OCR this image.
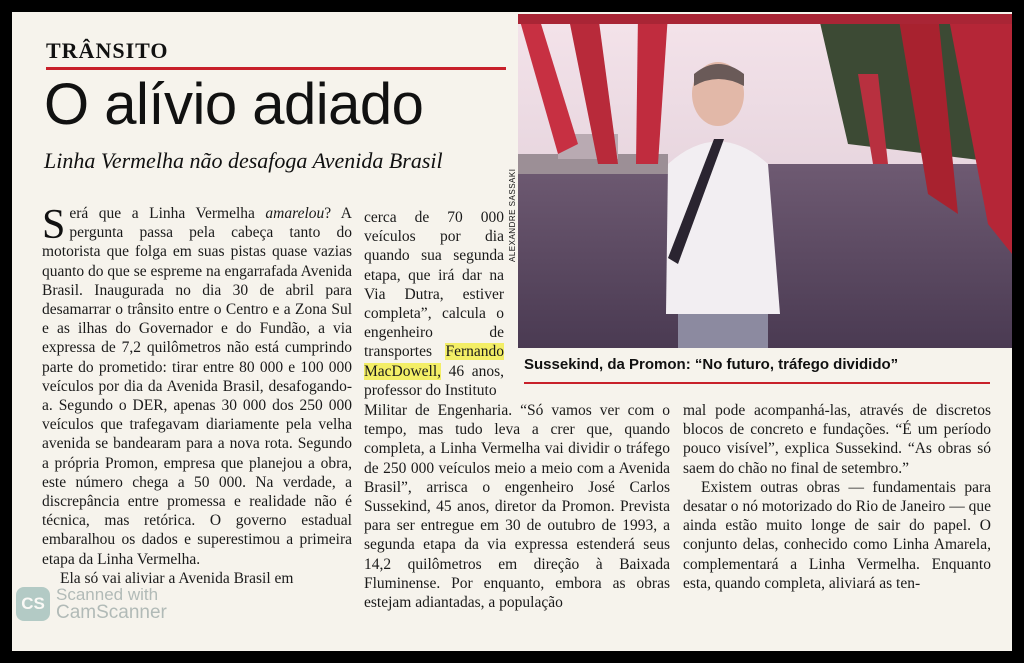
TRÂNSITO
O alívio adiado
Linha Vermelha não desafoga Avenida Brasil

Será que a Linha Vermelha amarelou? A pergunta passa pela cabeça tanto do motorista que folga em suas pistas quase vazias quanto do que se espreme na engarrafada Avenida Brasil. Inaugurada no dia 30 de abril para desamarrar o trânsito entre o Centro e a Zona Sul e as ilhas do Governador e do Fundão, a via expressa de 7,2 quilômetros não está cumprindo parte do prometido: tirar entre 80 000 e 100 000 veículos por dia da Avenida Brasil, desafogando-a. Segundo o DER, apenas 30 000 dos 250 000 veículos que trafegavam diariamente pela velha avenida se bandearam para a nova rota. Segundo a própria Promon, empresa que planejou a obra, este número chega a 50 000. Na verdade, a discrepância entre promessa e realidade não é técnica, mas retórica. O governo estadual embaralhou os dados e superestimou a primeira etapa da Linha Vermelha.

Ela só vai aliviar a Avenida Brasil em

cerca de 70 000 veículos por dia quando sua segunda etapa, que irá dar na Via Dutra, estiver completa”, calcula o engenheiro de transportes Fernando MacDowell, 46 anos, professor do Instituto

Militar de Engenharia. “Só vamos ver com o tempo, mas tudo leva a crer que, quando completa, a Linha Vermelha vai dividir o tráfego de 250 000 veículos meio a meio com a Avenida Brasil”, arrisca o engenheiro José Carlos Sussekind, 45 anos, diretor da Promon. Prevista para ser entregue em 30 de outubro de 1993, a segunda etapa da via expressa estenderá seus 14,2 quilômetros em direção à Baixada Fluminense. Por enquanto, embora as obras estejam adiantadas, a população

mal pode acompanhá-las, através de discretos blocos de concreto e fundações. “É um período pouco visível”, explica Sussekind. “As obras só saem do chão no final de setembro.”

Existem outras obras — fundamentais para desatar o nó motorizado do Rio de Janeiro — que ainda estão muito longe de sair do papel. O conjunto delas, conhecido como Linha Amarela, complementará a Linha Vermelha. Enquanto esta, quando completa, aliviará as ten-

ALEXANDRE SASSAKI
Sussekind, da Promon: “No futuro, tráfego dividido”
CS Scanned with
CamScanner
